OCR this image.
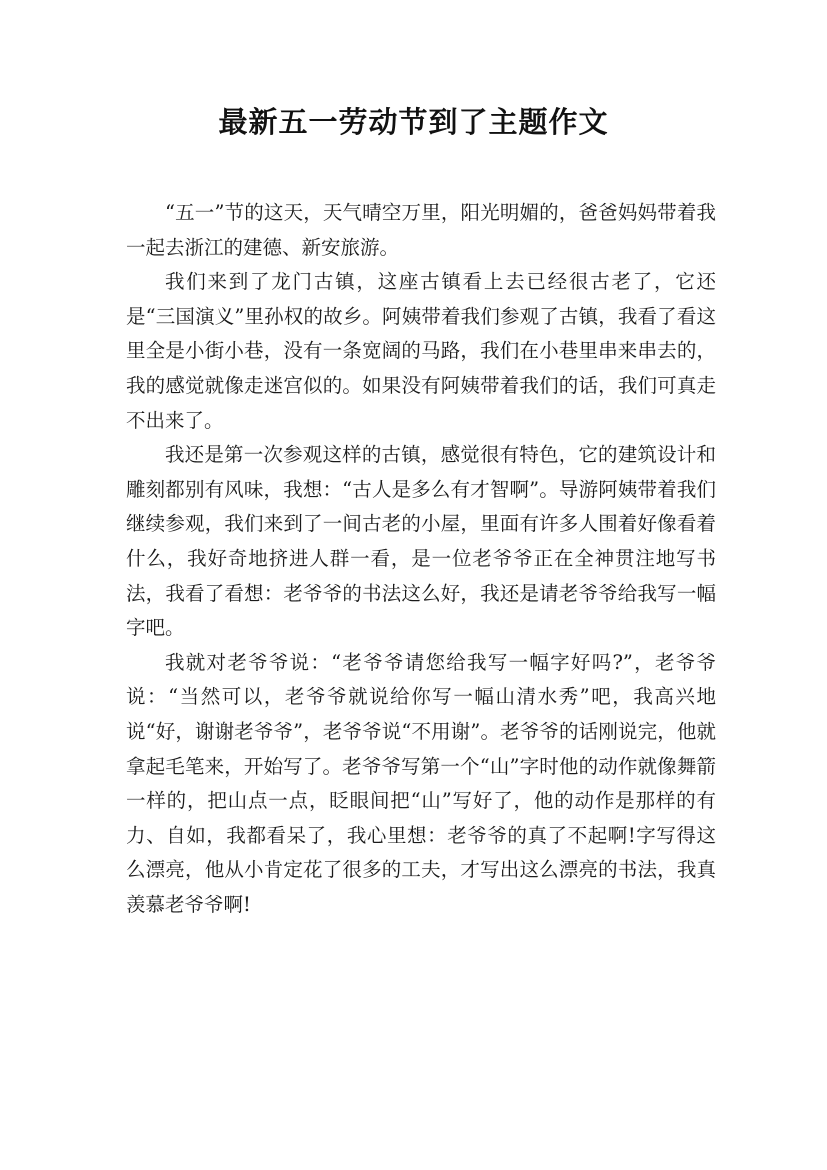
最新五一劳动节到了主题作文

“五一”节的这天，天气晴空万里，阳光明媚的，爸爸妈妈带着我一起去浙江的建德、新安旅游。

我们来到了龙门古镇，这座古镇看上去已经很古老了，它还是“三国演义”里孙权的故乡。阿姨带着我们参观了古镇，我看了看这里全是小街小巷，没有一条宽阔的马路，我们在小巷里串来串去的，我的感觉就像走迷宫似的。如果没有阿姨带着我们的话，我们可真走不出来了。

我还是第一次参观这样的古镇，感觉很有特色，它的建筑设计和雕刻都别有风味，我想：“古人是多么有才智啊”。导游阿姨带着我们继续参观，我们来到了一间古老的小屋，里面有许多人围着好像看着什么，我好奇地挤进人群一看，是一位老爷爷正在全神贯注地写书法，我看了看想：老爷爷的书法这么好，我还是请老爷爷给我写一幅字吧。

我就对老爷爷说：“老爷爷请您给我写一幅字好吗?”，老爷爷说：“当然可以，老爷爷就说给你写一幅山清水秀”吧，我高兴地说“好，谢谢老爷爷”，老爷爷说“不用谢”。老爷爷的话刚说完，他就拿起毛笔来，开始写了。老爷爷写第一个“山”字时他的动作就像舞箭一样的，把山点一点，眨眼间把“山”写好了，他的动作是那样的有力、自如，我都看呆了，我心里想：老爷爷的真了不起啊!字写得这么漂亮，他从小肯定花了很多的工夫，才写出这么漂亮的书法，我真羡慕老爷爷啊!
